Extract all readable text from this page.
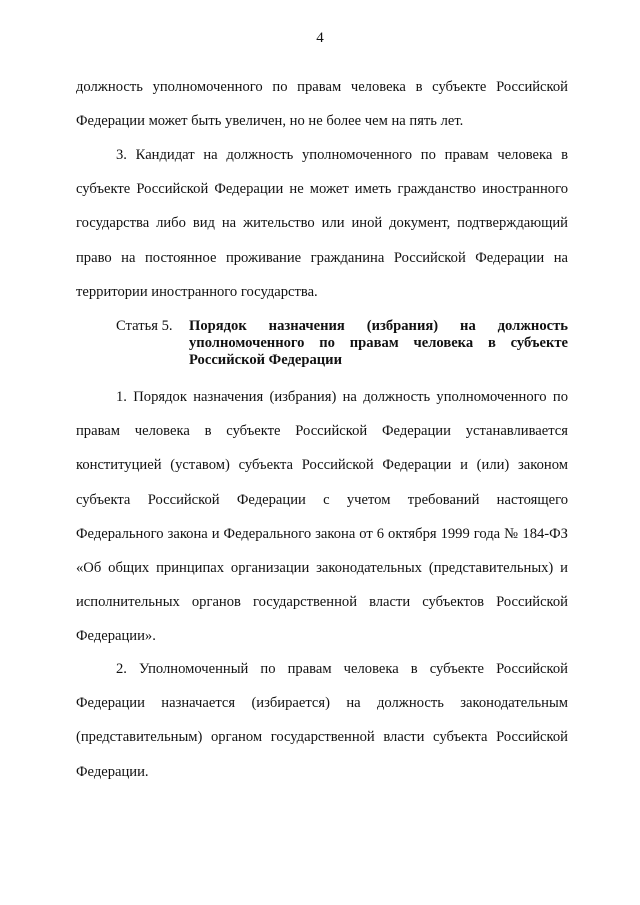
4

должность уполномоченного по правам человека в субъекте Российской Федерации может быть увеличен, но не более чем на пять лет.

3. Кандидат на должность уполномоченного по правам человека в субъекте Российской Федерации не может иметь гражданство иностранного государства либо вид на жительство или иной документ, подтверждающий право на постоянное проживание гражданина Российской Федерации на территории иностранного государства.

Статья 5.	Порядок назначения (избрания) на должность уполномоченного по правам человека в субъекте Российской Федерации

1. Порядок назначения (избрания) на должность уполномоченного по правам человека в субъекте Российской Федерации устанавливается конституцией (уставом) субъекта Российской Федерации и (или) законом субъекта Российской Федерации с учетом требований настоящего Федерального закона и Федерального закона от 6 октября 1999 года № 184-ФЗ «Об общих принципах организации законодательных (представительных) и исполнительных органов государственной власти субъектов Российской Федерации».

2. Уполномоченный по правам человека в субъекте Российской Федерации назначается (избирается) на должность законодательным (представительным) органом государственной власти субъекта Российской Федерации.
